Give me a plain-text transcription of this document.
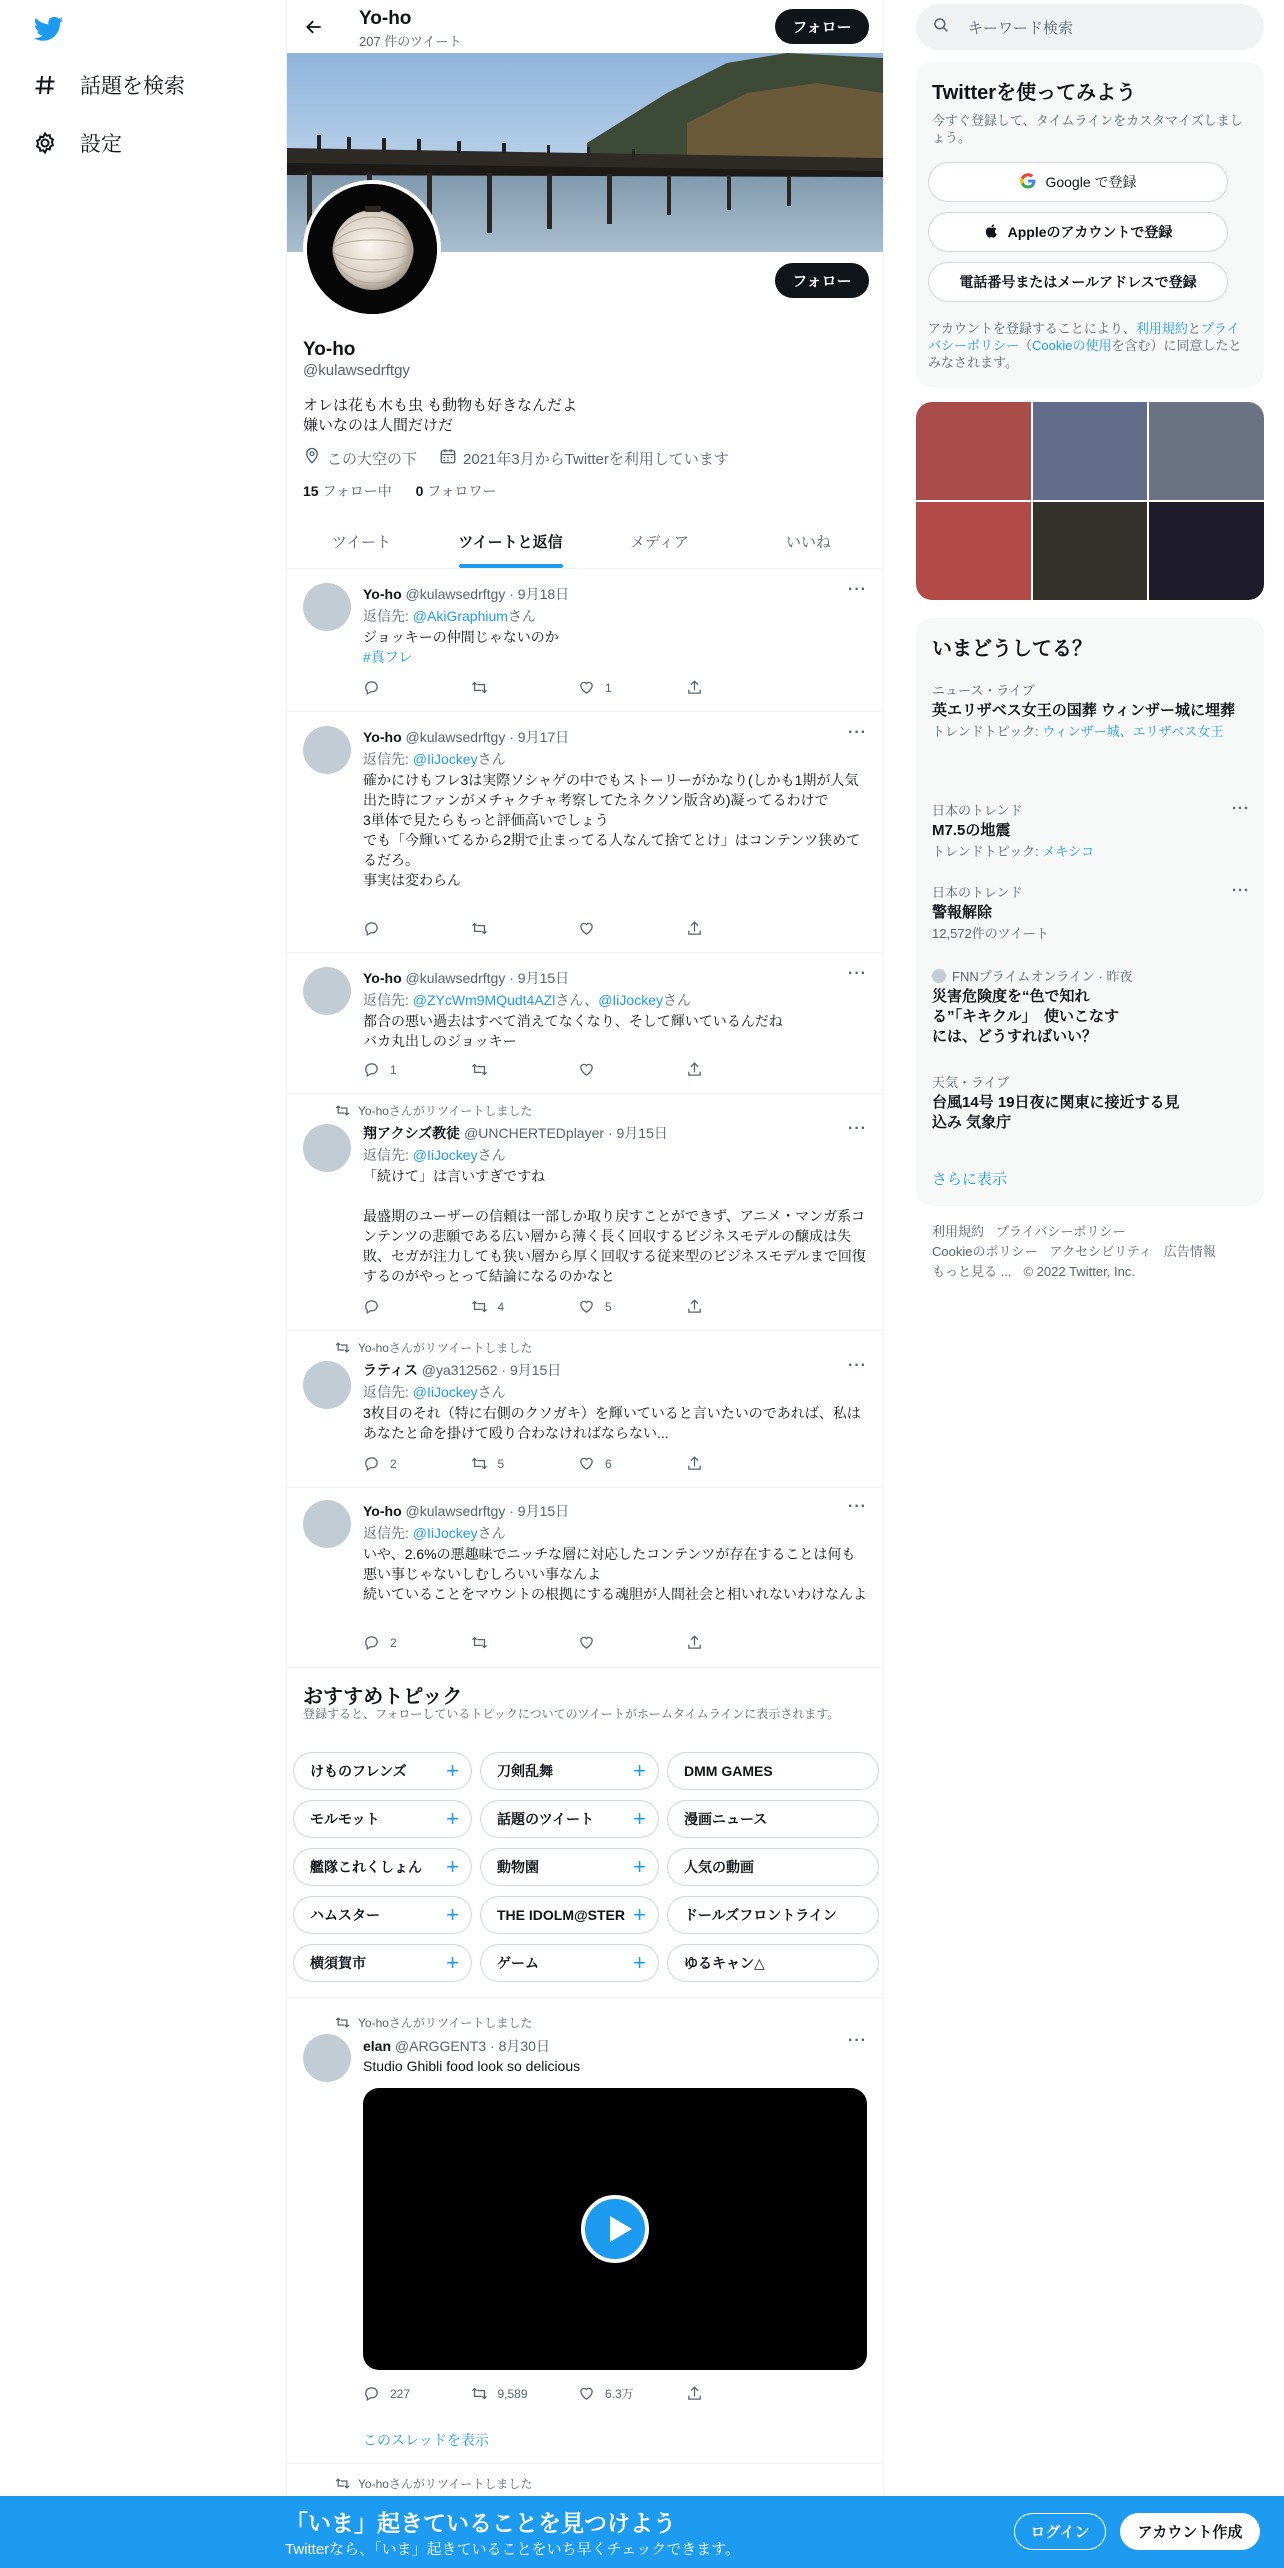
話題を検索
設定
Yo-ho
207 件のツイート
フォロー
フォロー
Yo-ho
@kulawsedrftgy
オレは花も木も虫 も動物も好きなんだよ
嫌いなのは人間だけだ
この大空の下	2021年3月からTwitterを利用しています
15 フォロー中 0 フォロワー
ツイート	ツイートと返信	メディア	いいね
Yo-ho @kulawsedrftgy · 9月18日	···
返信先: @AkiGraphiumさん
ジョッキーの仲間じゃないのか
#真フレ
1
Yo-ho @kulawsedrftgy · 9月17日	···
返信先: @IiJockeyさん
確かにけもフレ3は実際ソシャゲの中でもストーリーがかなり(しかも1期が人気出た時にファンがメチャクチャ考察してたネクソン版含め)凝ってるわけで
3単体で見たらもっと評価高いでしょう
でも「今輝いてるから2期で止まってる人なんて捨てとけ」はコンテンツ狭めてるだろ。
事実は変わらん
Yo-ho @kulawsedrftgy · 9月15日	···
返信先: @ZYcWm9MQudt4AZlさん、@IiJockeyさん
都合の悪い過去はすべて消えてなくなり、そして輝いているんだね
バカ丸出しのジョッキー
1
Yo-hoさんがリツイートしました
翔アクシズ教徒 @UNCHERTEDplayer · 9月15日	···
返信先: @IiJockeyさん
「続けて」は言いすぎですね

最盛期のユーザーの信頼は一部しか取り戻すことができず、アニメ・マンガ系コンテンツの悲願である広い層から薄く長く回収するビジネスモデルの醸成は失敗、セガが注力しても狭い層から厚く回収する従来型のビジネスモデルまで回復するのがやっとって結論になるのかなと
4	5
Yo-hoさんがリツイートしました
ラティス @ya312562 · 9月15日	···
返信先: @IiJockeyさん
3枚目のそれ（特に右側のクソガキ）を輝いていると言いたいのであれば、私はあなたと命を掛けて殴り合わなければならない...
2	5	6
Yo-ho @kulawsedrftgy · 9月15日	···
返信先: @IiJockeyさん
いや、2.6%の悪趣味でニッチな層に対応したコンテンツが存在することは何も悪い事じゃないしむしろいい事なんよ
続いていることをマウントの根拠にする魂胆が人間社会と相いれないわけなんよ
2
おすすめトピック
登録すると、フォローしているトピックについてのツイートがホームタイムラインに表示されます。
けものフレンズ +	刀剣乱舞	+	DMM GAMES
モルモット	+	話題のツイート +	漫画ニュース
艦隊これくしょん +	動物園	+	人気の動画
ハムスター	+	THE IDOLM@STER +	ドールズフロントライン
横須賀市	+	ゲーム	+	ゆるキャン△
Yo-hoさんがリツイートしました
elan @ARGGENT3 · 8月30日	···
Studio Ghibli food look so delicious
227	9,589	6.3万
このスレッドを表示
Yo-hoさんがリツイートしました
キーワード検索
Twitterを使ってみよう
今すぐ登録して、タイムラインをカスタマイズしましょう。
Google で登録
Appleのアカウントで登録
電話番号またはメールアドレスで登録
アカウントを登録することにより、利用規約とプライバシーポリシー（Cookieの使用を含む）に同意したとみなされます。
いまどうしてる？
ニュース・ライブ
英エリザベス女王の国葬 ウィンザー城に埋葬
トレンドトピック: ウィンザー城、エリザベス女王
···
日本のトレンド
M7.5の地震
トレンドトピック: メキシコ
···
日本のトレンド
警報解除
12,572件のツイート
FNNプライムオンライン · 昨夜
災害危険度を“色で知れる”「キキクル」　使いこなすには、どうすればいい？
天気・ライブ
台風14号 19日夜に関東に接近する見込み 気象庁
さらに表示
利用規約 プライバシーポリシー
Cookieのポリシー アクセシビリティ 広告情報
もっと見る ... © 2022 Twitter, Inc.
「いま」起きていることを見つけよう
Twitterなら、「いま」起きていることをいち早くチェックできます。
ログイン	アカウント作成
